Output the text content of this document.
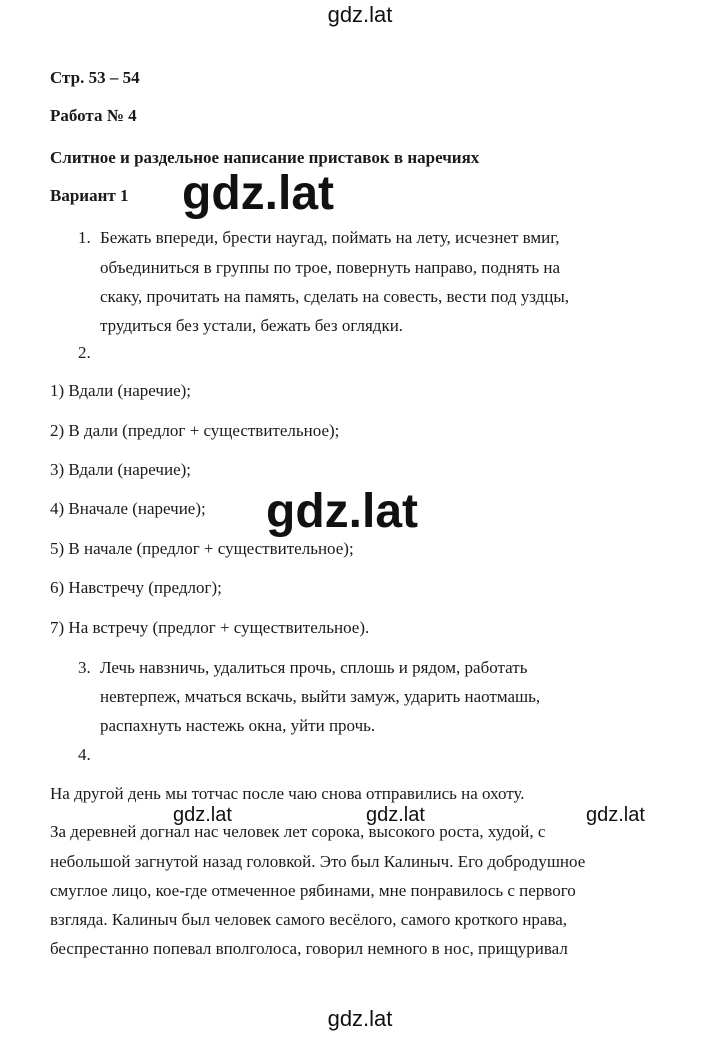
Стр. 53 – 54
Работа № 4
Слитное и раздельное написание приставок в наречиях
Вариант 1
1. Бежать впереди, брести наугад, поймать на лету, исчезнет вмиг,
объединиться в группы по трое, повернуть направо, поднять на
скаку, прочитать на память, сделать на совесть, вести под уздцы,
трудиться без устали, бежать без оглядки.
2.
1) Вдали (наречие);
2) В дали (предлог + существительное);
3) Вдали (наречие);
4) Вначале (наречие);
5) В начале (предлог + существительное);
6) Навстречу (предлог);
7) На встречу (предлог + существительное).
3. Лечь навзничь, удалиться прочь, сплошь и рядом, работать
невтерпеж, мчаться вскачь, выйти замуж, ударить наотмашь,
распахнуть настежь окна, уйти прочь.
4.
На другой день мы тотчас после чаю снова отправились на охоту.
За деревней догнал нас человек лет сорока, высокого роста, худой, с
небольшой загнутой назад головкой. Это был Калиныч. Его добродушное
смуглое лицо, кое-где отмеченное рябинами, мне понравилось с первого
взгляда. Калиныч был человек самого весёлого, самого кроткого нрава,
беспрестанно попевал вполголоса, говорил немного в нос, прищуривал
gdz.lat
gdz.lat
gdz.lat
gdz.lat	gdz.lat	gdz.lat
gdz.lat
